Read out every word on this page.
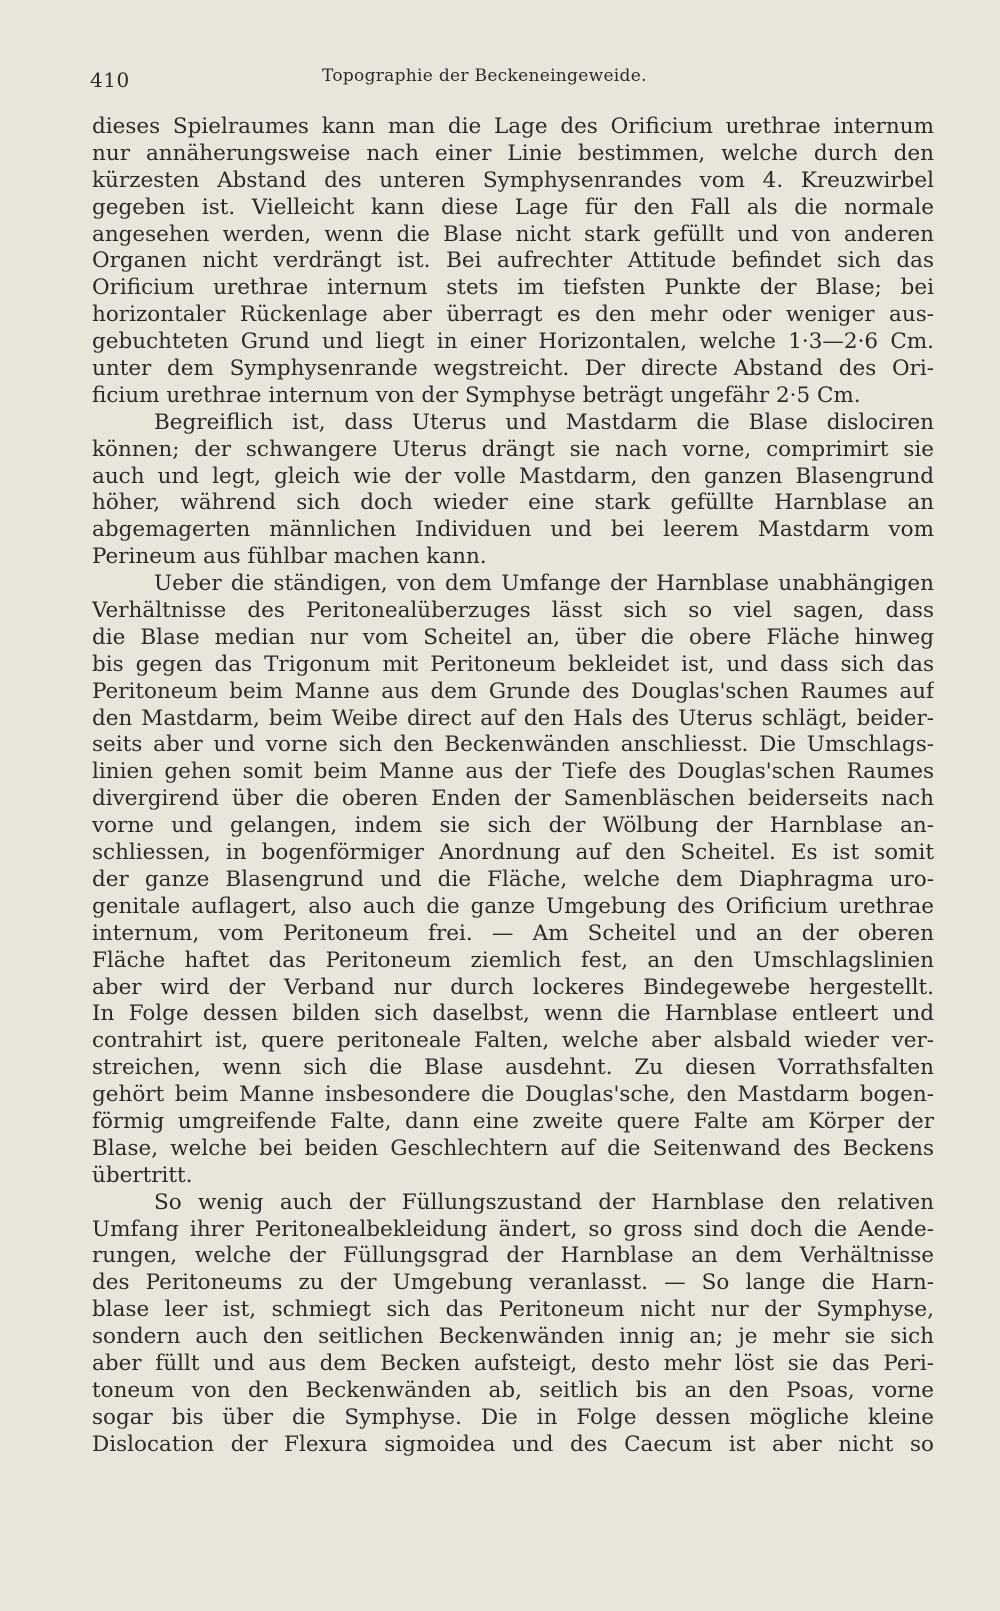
410	Topographie der Beckeneingeweide.
dieses Spielraumes kann man die Lage des Orificium urethrae internum
nur annäherungsweise nach einer Linie bestimmen, welche durch den
kürzesten Abstand des unteren Symphysenrandes vom 4. Kreuzwirbel
gegeben ist. Vielleicht kann diese Lage für den Fall als die normale
angesehen werden, wenn die Blase nicht stark gefüllt und von anderen
Organen nicht verdrängt ist. Bei aufrechter Attitude befindet sich das
Orificium urethrae internum stets im tiefsten Punkte der Blase; bei
horizontaler Rückenlage aber überragt es den mehr oder weniger aus-
gebuchteten Grund und liegt in einer Horizontalen, welche 1·3—2·6 Cm.
unter dem Symphysenrande wegstreicht. Der directe Abstand des Ori-
ficium urethrae internum von der Symphyse beträgt ungefähr 2·5 Cm.
Begreiflich ist, dass Uterus und Mastdarm die Blase dislociren
können; der schwangere Uterus drängt sie nach vorne, comprimirt sie
auch und legt, gleich wie der volle Mastdarm, den ganzen Blasengrund
höher, während sich doch wieder eine stark gefüllte Harnblase an
abgemagerten männlichen Individuen und bei leerem Mastdarm vom
Perineum aus fühlbar machen kann.
Ueber die ständigen, von dem Umfange der Harnblase unabhängigen
Verhältnisse des Peritonealüberzuges lässt sich so viel sagen, dass
die Blase median nur vom Scheitel an, über die obere Fläche hinweg
bis gegen das Trigonum mit Peritoneum bekleidet ist, und dass sich das
Peritoneum beim Manne aus dem Grunde des Douglas'schen Raumes auf
den Mastdarm, beim Weibe direct auf den Hals des Uterus schlägt, beider-
seits aber und vorne sich den Beckenwänden anschliesst. Die Umschlags-
linien gehen somit beim Manne aus der Tiefe des Douglas'schen Raumes
divergirend über die oberen Enden der Samenbläschen beiderseits nach
vorne und gelangen, indem sie sich der Wölbung der Harnblase an-
schliessen, in bogenförmiger Anordnung auf den Scheitel. Es ist somit
der ganze Blasengrund und die Fläche, welche dem Diaphragma uro-
genitale auflagert, also auch die ganze Umgebung des Orificium urethrae
internum, vom Peritoneum frei. — Am Scheitel und an der oberen
Fläche haftet das Peritoneum ziemlich fest, an den Umschlagslinien
aber wird der Verband nur durch lockeres Bindegewebe hergestellt.
In Folge dessen bilden sich daselbst, wenn die Harnblase entleert und
contrahirt ist, quere peritoneale Falten, welche aber alsbald wieder ver-
streichen, wenn sich die Blase ausdehnt. Zu diesen Vorrathsfalten
gehört beim Manne insbesondere die Douglas'sche, den Mastdarm bogen-
förmig umgreifende Falte, dann eine zweite quere Falte am Körper der
Blase, welche bei beiden Geschlechtern auf die Seitenwand des Beckens
übertritt.
So wenig auch der Füllungszustand der Harnblase den relativen
Umfang ihrer Peritonealbekleidung ändert, so gross sind doch die Aende-
rungen, welche der Füllungsgrad der Harnblase an dem Verhältnisse
des Peritoneums zu der Umgebung veranlasst. — So lange die Harn-
blase leer ist, schmiegt sich das Peritoneum nicht nur der Symphyse,
sondern auch den seitlichen Beckenwänden innig an; je mehr sie sich
aber füllt und aus dem Becken aufsteigt, desto mehr löst sie das Peri-
toneum von den Beckenwänden ab, seitlich bis an den Psoas, vorne
sogar bis über die Symphyse. Die in Folge dessen mögliche kleine
Dislocation der Flexura sigmoidea und des Caecum ist aber nicht so
